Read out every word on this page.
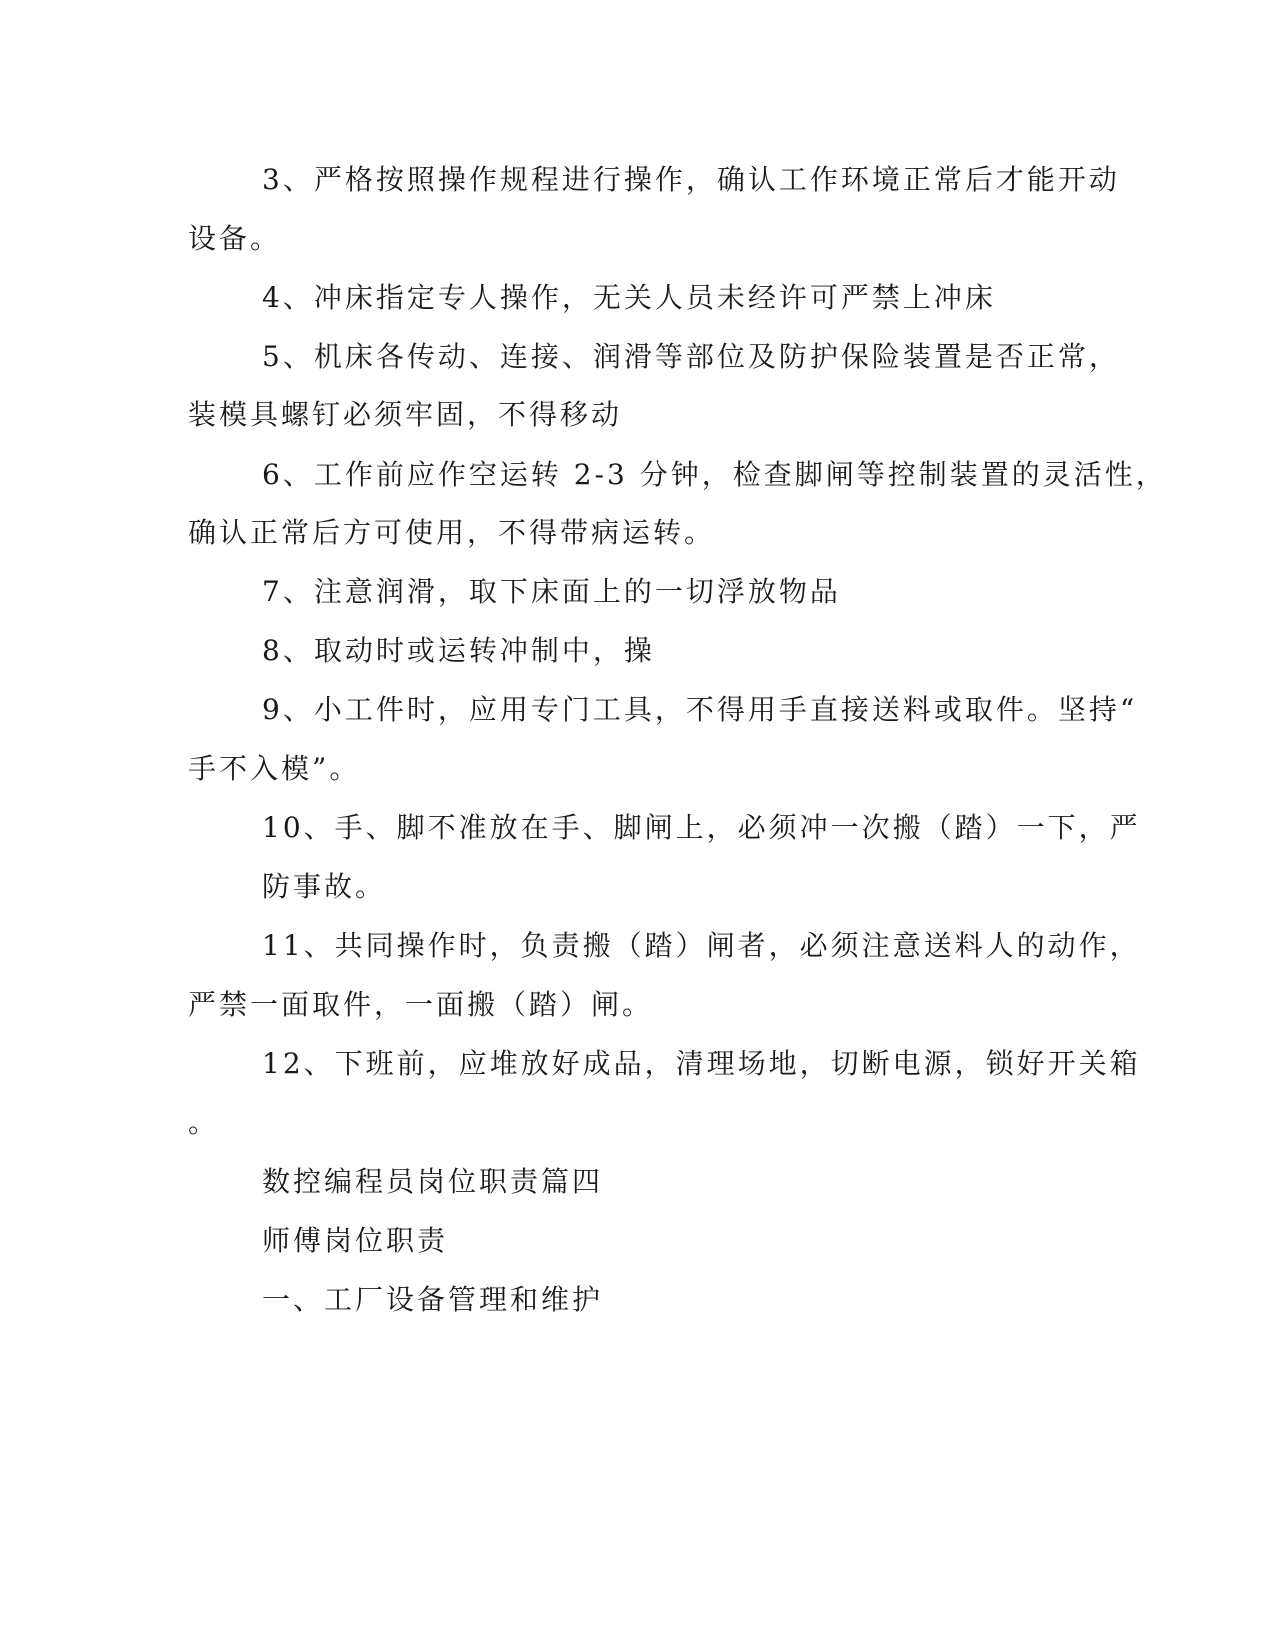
3、严格按照操作规程进行操作，确认工作环境正常后才能开动

设备。

4、冲床指定专人操作，无关人员未经许可严禁上冲床

5、机床各传动、连接、润滑等部位及防护保险装置是否正常，

装模具螺钉必须牢固，不得移动

6、工作前应作空运转 2-3 分钟，检查脚闸等控制装置的灵活性，

确认正常后方可使用，不得带病运转。

7、注意润滑，取下床面上的一切浮放物品

8、取动时或运转冲制中，操

9、小工件时，应用专门工具，不得用手直接送料或取件。坚持“

手不入模”。

10、手、脚不准放在手、脚闸上，必须冲一次搬（踏）一下，严

防事故。

11、共同操作时，负责搬（踏）闸者，必须注意送料人的动作，

严禁一面取件，一面搬（踏）闸。

12、下班前，应堆放好成品，清理场地，切断电源，锁好开关箱

。

数控编程员岗位职责篇四

师傅岗位职责

一、工厂设备管理和维护
